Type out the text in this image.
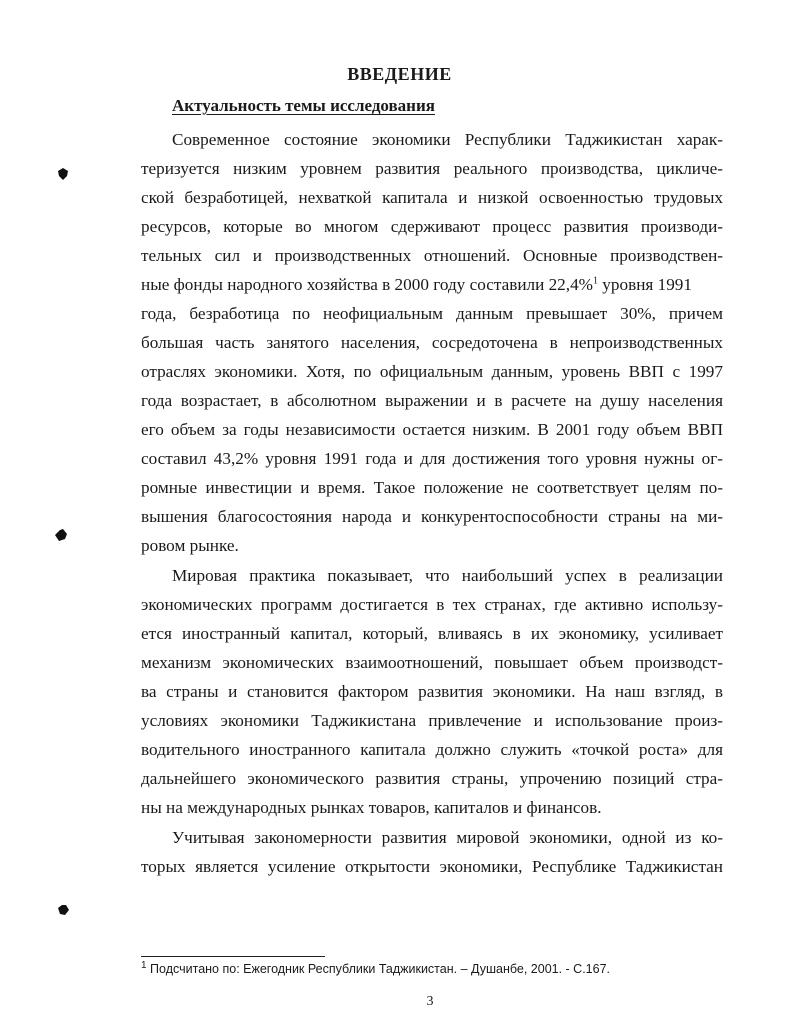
ВВЕДЕНИЕ
Актуальность темы исследования
Современное состояние экономики Республики Таджикистан харак-
теризуется низким уровнем развития реального производства, цикличе-
ской безработицей, нехваткой капитала и низкой освоенностью трудовых
ресурсов, которые во многом сдерживают процесс развития производи-
тельных сил и производственных отношений. Основные производствен-
ные фонды народного хозяйства в 2000 году составили 22,4%$^1$ уровня 1991
года, безработица по неофициальным данным превышает 30%, причем
большая часть занятого населения, сосредоточена в непроизводственных
отраслях экономики. Хотя, по официальным данным, уровень ВВП с 1997
года возрастает, в абсолютном выражении и в расчете на душу населения
его объем за годы независимости остается низким. В 2001 году объем ВВП
составил 43,2% уровня 1991 года и для достижения того уровня нужны ог-
ромные инвестиции и время. Такое положение не соответствует целям по-
вышения благосостояния народа и конкурентоспособности страны на ми-
ровом рынке.
Мировая практика показывает, что наибольший успех в реализации
экономических программ достигается в тех странах, где активно использу-
ется иностранный капитал, который, вливаясь в их экономику, усиливает
механизм экономических взаимоотношений, повышает объем производст-
ва страны и становится фактором развития экономики. На наш взгляд, в
условиях экономики Таджикистана привлечение и использование произ-
водительного иностранного капитала должно служить «точкой роста» для
дальнейшего экономического развития страны, упрочению позиций стра-
ны на международных рынках товаров, капиталов и финансов.
Учитывая закономерности развития мировой экономики, одной из ко-
торых является усиление открытости экономики, Республике Таджикистан
$^1$ Подсчитано по: Ежегодник Республики Таджикистан. – Душанбе, 2001. - С.167.
3
